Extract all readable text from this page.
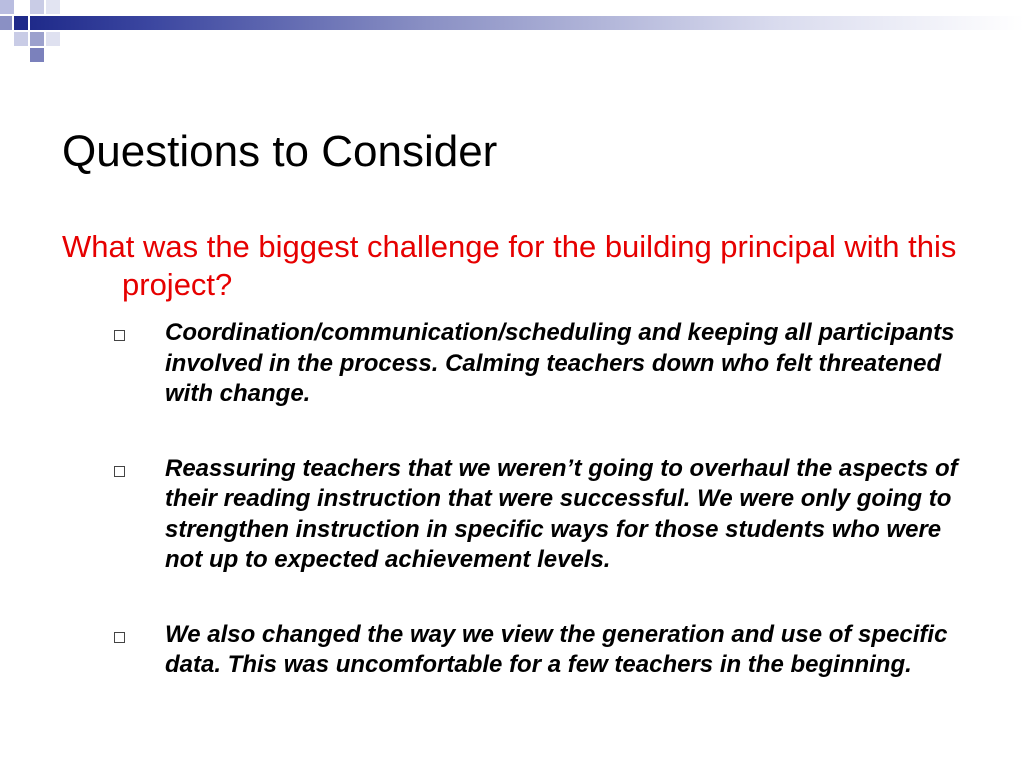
Questions to Consider
What was the biggest challenge for the building principal with this project?
Coordination/communication/scheduling and keeping all participants involved in the process. Calming teachers down who felt threatened with change.
Reassuring teachers that we weren’t going to overhaul the aspects of their reading instruction that were successful. We were only going to strengthen instruction in specific ways for those students who were not up to expected achievement levels.
We also changed the way we view the generation and use of specific data. This was uncomfortable for a few teachers in the beginning.
